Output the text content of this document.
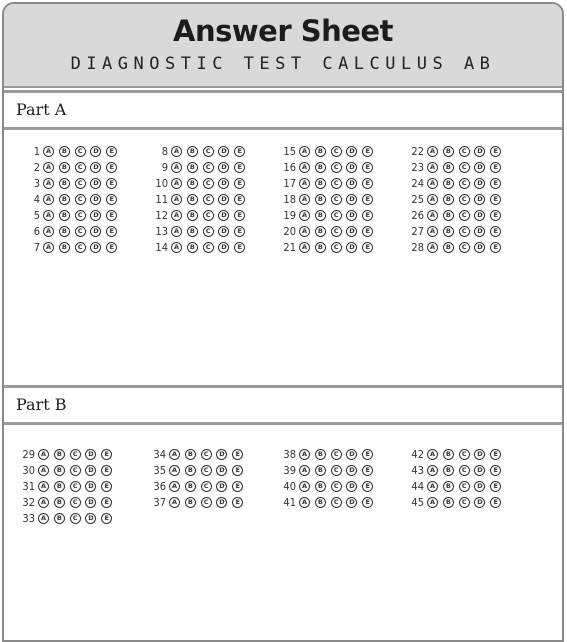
Answer Sheet
DIAGNOSTIC TEST CALCULUS AB
Part A
1 A	B	C	D	E
2 A	B	C	D	E
3 A	B	C	D	E
4 A	B	C	D	E
5 A	B	C	D	E
6 A	B	C	D	E
7 A	B	C	D	E
8 A	B	C	D	E
9 A	B	C	D	E
10 A	B	C	D	E
11 A	B	C	D	E
12 A	B	C	D	E
13 A	B	C	D	E
14 A	B	C	D	E
15 A	B	C	D	E
16 A	B	C	D	E
17 A	B	C	D	E
18 A	B	C	D	E
19 A	B	C	D	E
20 A	B	C	D	E
21 A	B	C	D	E
22 A	B	C	D	E
23 A	B	C	D	E
24 A	B	C	D	E
25 A	B	C	D	E
26 A	B	C	D	E
27 A	B	C	D	E
28 A	B	C	D	E
Part B
29 A	B	C	D	E
30 A	B	C	D	E
31 A	B	C	D	E
32 A	B	C	D	E
33 A	B	C	D	E
34 A	B	C	D	E
35 A	B	C	D	E
36 A	B	C	D	E
37 A	B	C	D	E
38 A	B	C	D	E
39 A	B	C	D	E
40 A	B	C	D	E
41 A	B	C	D	E
42 A	B	C	D	E
43 A	B	C	D	E
44 A	B	C	D	E
45 A	B	C	D	E
